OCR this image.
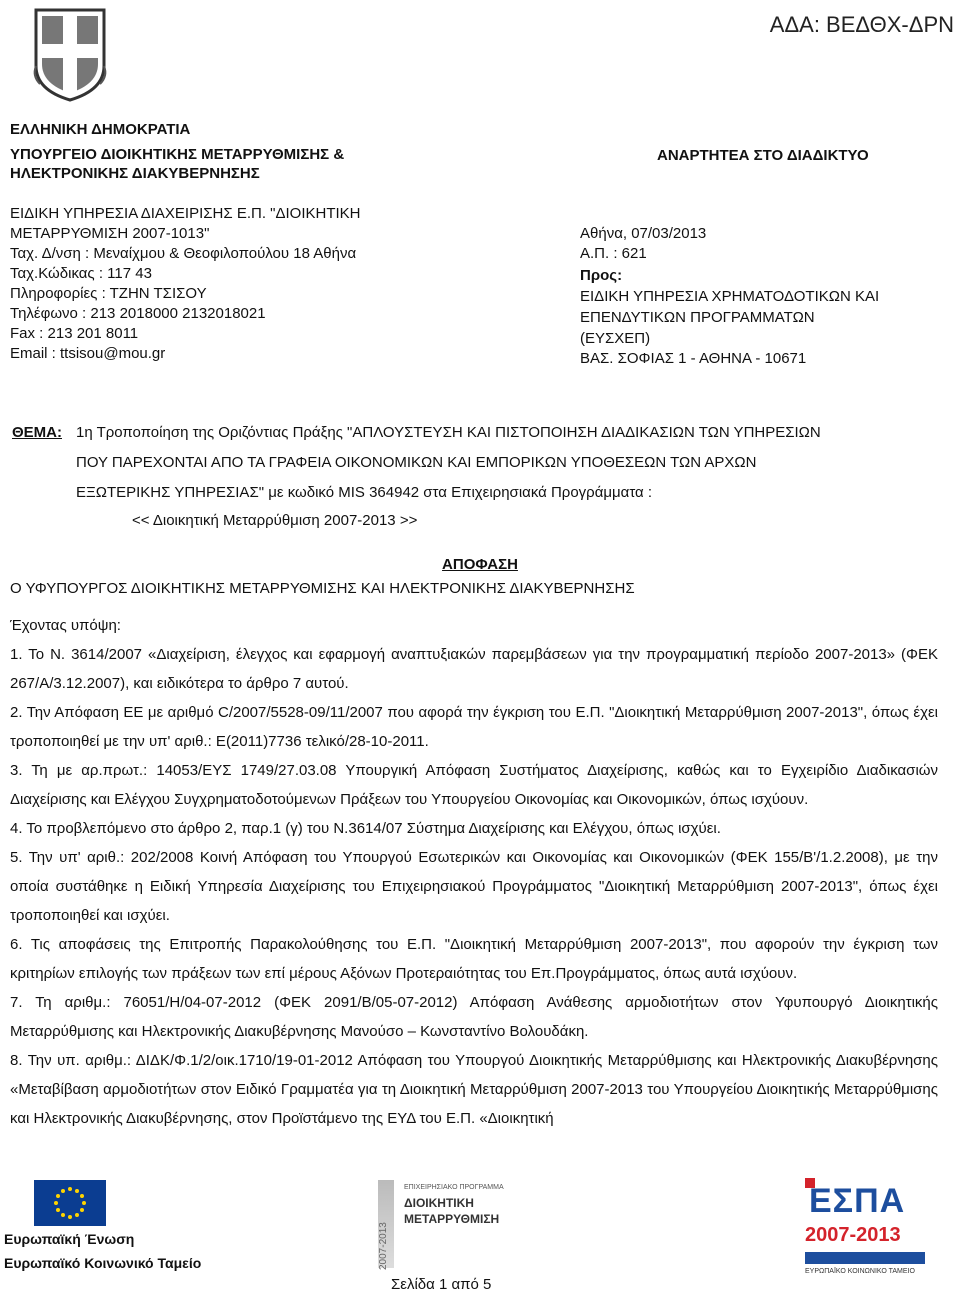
ΑΔΑ: ΒΕΔΘΧ-ΔΡΝ
ΕΛΛΗΝΙΚΗ ΔΗΜΟΚΡΑΤΙΑ
ΥΠΟΥΡΓΕΙΟ ΔΙΟΙΚΗΤΙΚΗΣ ΜΕΤΑΡΡΥΘΜΙΣΗΣ &
ΗΛΕΚΤΡΟΝΙΚΗΣ ΔΙΑΚΥΒΕΡΝΗΣΗΣ
ΕΙΔΙΚΗ ΥΠΗΡΕΣΙΑ ΔΙΑΧΕΙΡΙΣΗΣ Ε.Π. "ΔΙΟΙΚΗΤΙΚΗ
ΜΕΤΑΡΡΥΘΜΙΣΗ 2007-1013"
Ταχ. Δ/νση : Μεναίχμου & Θεοφιλοπούλου 18 Αθήνα
Ταχ.Κώδικας : 117 43
Πληροφορίες : ΤΖΗΝ ΤΣΙΣΟΥ
Τηλέφωνο : 213 2018000 2132018021
Fax : 213 201 8011
Email : ttsisou@mou.gr
ΑΝΑΡΤΗΤΕΑ ΣΤΟ ΔΙΑΔΙΚΤΥΟ
Αθήνα, 07/03/2013
Α.Π. : 621
Προς:
ΕΙΔΙΚΗ ΥΠΗΡΕΣΙΑ ΧΡΗΜΑΤΟΔΟΤΙΚΩΝ ΚΑΙ
ΕΠΕΝΔΥΤΙΚΩΝ ΠΡΟΓΡΑΜΜΑΤΩΝ
(ΕΥΣΧΕΠ)
ΒΑΣ. ΣΟΦΙΑΣ 1 - ΑΘΗΝΑ - 10671
ΘΕΜΑ: 1η Τροποποίηση της Οριζόντιας Πράξης "ΑΠΛΟΥΣΤΕΥΣΗ ΚΑΙ ΠΙΣΤΟΠΟΙΗΣΗ ΔΙΑΔΙΚΑΣΙΩΝ ΤΩΝ ΥΠΗΡΕΣΙΩΝ
ΠΟΥ ΠΑΡΕΧΟΝΤΑΙ ΑΠΟ ΤΑ ΓΡΑΦΕΙΑ ΟΙΚΟΝΟΜΙΚΩΝ ΚΑΙ ΕΜΠΟΡΙΚΩΝ ΥΠΟΘΕΣΕΩΝ ΤΩΝ ΑΡΧΩΝ
ΕΞΩΤΕΡΙΚΗΣ ΥΠΗΡΕΣΙΑΣ" με κωδικό MIS 364942 στα Επιχειρησιακά Προγράμματα :
<< Διοικητική Μεταρρύθμιση 2007-2013 >>
ΑΠΟΦΑΣΗ
Ο ΥΦΥΠΟΥΡΓΟΣ ΔΙΟΙΚΗΤΙΚΗΣ ΜΕΤΑΡΡΥΘΜΙΣΗΣ ΚΑΙ ΗΛΕΚΤΡΟΝΙΚΗΣ ΔΙΑΚΥΒΕΡΝΗΣΗΣ

Έχοντας υπόψη:

1. Το Ν. 3614/2007 «Διαχείριση, έλεγχος και εφαρμογή αναπτυξιακών παρεμβάσεων για την προγραμματική περίοδο 2007-2013» (ΦΕΚ 267/Α/3.12.2007), και ειδικότερα το άρθρο 7 αυτού.

2. Την Απόφαση ΕΕ με αριθμό C/2007/5528-09/11/2007 που αφορά την έγκριση του Ε.Π. "Διοικητική Μεταρρύθμιση 2007-2013", όπως έχει τροποποιηθεί με την υπ' αριθ.: E(2011)7736 τελικό/28-10-2011.

3. Τη με αρ.πρωτ.: 14053/ΕΥΣ 1749/27.03.08 Υπουργική Απόφαση Συστήματος Διαχείρισης, καθώς και το Εγχειρίδιο Διαδικασιών Διαχείρισης και Ελέγχου Συγχρηματοδοτούμενων Πράξεων του Υπουργείου Οικονομίας και Οικονομικών, όπως ισχύουν.

4. Το προβλεπόμενο στο άρθρο 2, παρ.1 (γ) του Ν.3614/07 Σύστημα Διαχείρισης και Ελέγχου, όπως ισχύει.

5. Την υπ' αριθ.: 202/2008 Κοινή Απόφαση του Υπουργού Εσωτερικών και Οικονομίας και Οικονομικών (ΦΕΚ 155/Β'/1.2.2008), με την οποία συστάθηκε η Ειδική Υπηρεσία Διαχείρισης του Επιχειρησιακού Προγράμματος "Διοικητική Μεταρρύθμιση 2007-2013", όπως έχει τροποποιηθεί και ισχύει.

6. Τις αποφάσεις της Επιτροπής Παρακολούθησης του Ε.Π. "Διοικητική Μεταρρύθμιση 2007-2013", που αφορούν την έγκριση των κριτηρίων επιλογής των πράξεων των επί μέρους Αξόνων Προτεραιότητας του Επ.Προγράμματος, όπως αυτά ισχύουν.

7. Τη αριθμ.: 76051/Η/04-07-2012 (ΦΕΚ 2091/Β/05-07-2012) Απόφαση Ανάθεσης αρμοδιοτήτων στον Υφυπουργό Διοικητικής Μεταρρύθμισης και Ηλεκτρονικής Διακυβέρνησης Μανούσο – Κωνσταντίνο Βολουδάκη.

8. Την υπ. αριθμ.: ΔΙΔΚ/Φ.1/2/οικ.1710/19-01-2012 Απόφαση του Υπουργού Διοικητικής Μεταρρύθμισης και Ηλεκτρονικής Διακυβέρνησης «Μεταβίβαση αρμοδιοτήτων στον Ειδικό Γραμματέα για τη Διοικητική Μεταρρύθμιση 2007-2013 του Υπουργείου Διοικητικής Μεταρρύθμισης και Ηλεκτρονικής Διακυβέρνησης, στον Προϊστάμενο της ΕΥΔ του Ε.Π. «Διοικητική

Ευρωπαϊκή Ένωση
Ευρωπαϊκό Κοινωνικό Ταμείο	2007-2013
ΕΠΙΧΕΙΡΗΣΙΑΚΟ ΠΡΟΓΡΑΜΜΑ
ΔΙΟΙΚΗΤΙΚΗ
ΜΕΤΑΡΡΥΘΜΙΣΗ
Σελίδα 1 από 5
ΕΣΠΑ
2007-2013
ΕΥΡΩΠΑΪΚΟ ΚΟΙΝΩΝΙΚΟ ΤΑΜΕΙΟ
